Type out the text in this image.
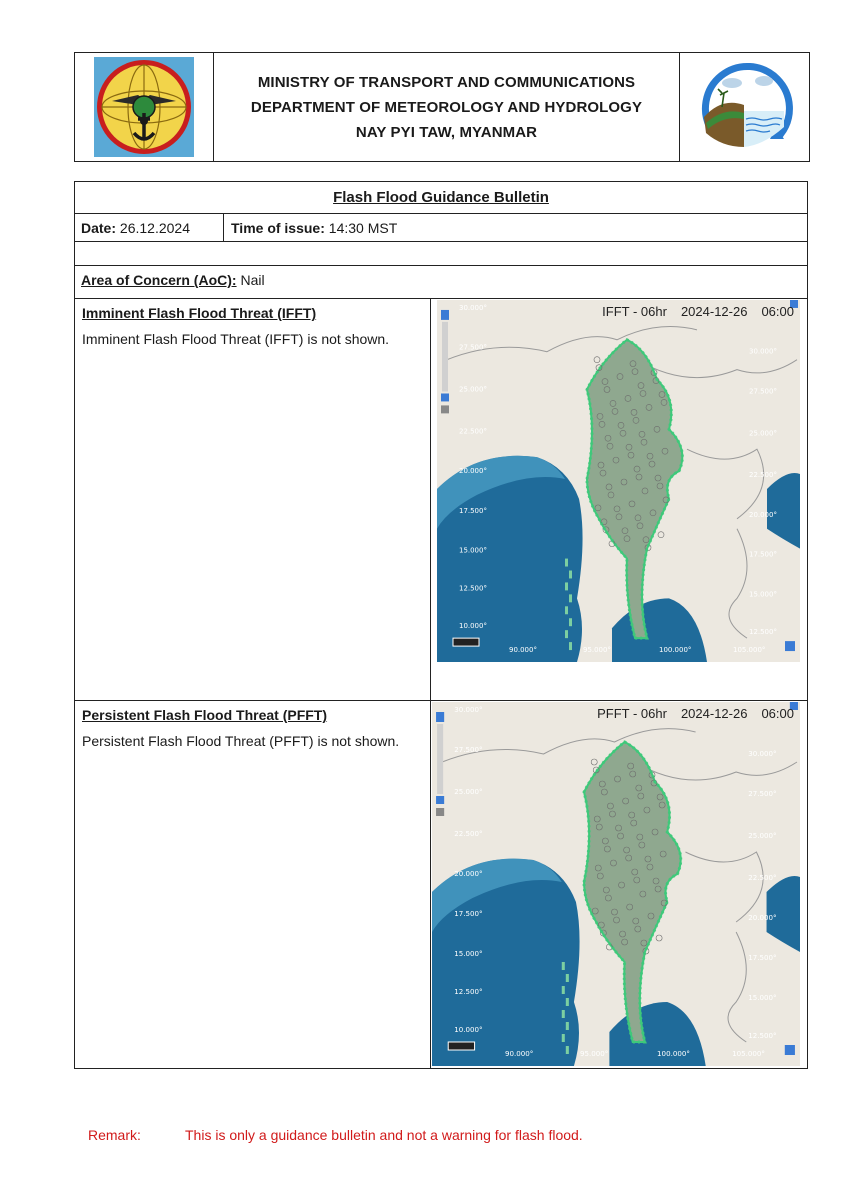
MINISTRY OF TRANSPORT AND COMMUNICATIONS
DEPARTMENT OF METEOROLOGY AND HYDROLOGY
NAY PYI TAW, MYANMAR
Flash Flood Guidance Bulletin
Date: 26.12.2024	Time of issue: 14:30 MST
Area of Concern (AoC): Nail
Imminent Flash Flood Threat (IFFT)

Imminent Flash Flood Threat (IFFT) is not shown.

30.000°
30.000°
27.500°
27.500°
25.000°
25.000°
22.500°
22.500°
20.000°
20.000°
17.500°
17.500°
15.000°
15.000°
12.500°
12.500°
10.000°
10.000°
90.000°	95.000°	100.000°	105.000°
IFFT - 06hr 2024-12-26 06:00
Persistent Flash Flood Threat (PFFT)

Persistent Flash Flood Threat (PFFT) is not shown.

30.000°
30.000°
27.500°
27.500°
25.000°
25.000°
22.500°
22.500°
20.000°
20.000°
17.500°
17.500°
15.000°
15.000°
12.500°
12.500°
10.000°
10.000°
90.000°	95.000°	100.000°	105.000°
PFFT - 06hr 2024-12-26 06:00
Remark:	This is only a guidance bulletin and not a warning for flash flood.
